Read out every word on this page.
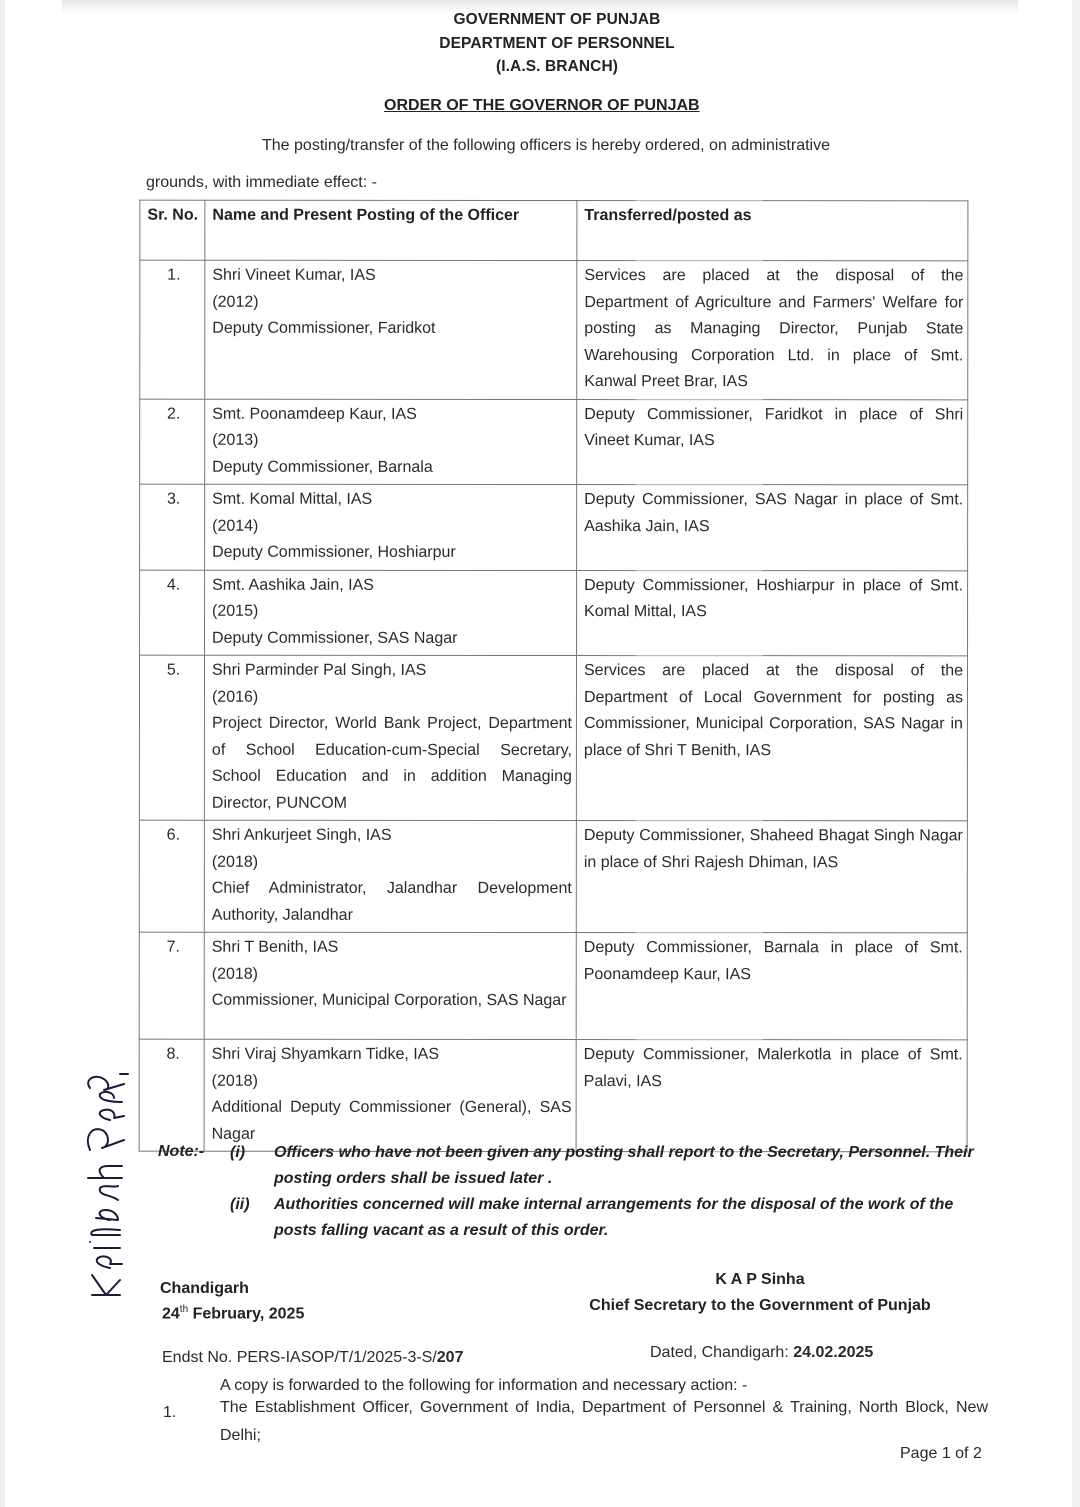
GOVERNMENT OF PUNJAB
DEPARTMENT OF PERSONNEL
(I.A.S. BRANCH)
ORDER OF THE GOVERNOR OF PUNJAB
The posting/transfer of the following officers is hereby ordered, on administrative
grounds, with immediate effect: -
Sr. No.	Name and Present Posting of the Officer	Transferred/posted as
1.	Shri Vineet Kumar, IAS
(2012)
Deputy Commissioner, Faridkot
	Services are placed at the disposal of the Department of Agriculture and Farmers' Welfare for posting as Managing Director, Punjab State Warehousing Corporation Ltd. in place of Smt. Kanwal Preet Brar, IAS
2.	Smt. Poonamdeep Kaur, IAS
(2013)
Deputy Commissioner, Barnala	Deputy Commissioner, Faridkot in place of Shri Vineet Kumar, IAS
3.	Smt. Komal Mittal, IAS
(2014)
Deputy Commissioner, Hoshiarpur	Deputy Commissioner, SAS Nagar in place of Smt. Aashika Jain, IAS
4.	Smt. Aashika Jain, IAS
(2015)
Deputy Commissioner, SAS Nagar	Deputy Commissioner, Hoshiarpur in place of Smt. Komal Mittal, IAS
5.	Shri Parminder Pal Singh, IAS
(2016)
Project Director, World Bank Project, Department of School Education-cum-Special Secretary, School Education and in addition Managing Director, PUNCOM	Services are placed at the disposal of the Department of Local Government for posting as Commissioner, Municipal Corporation, SAS Nagar in place of Shri T Benith, IAS
6.	Shri Ankurjeet Singh, IAS
(2018)
Chief Administrator, Jalandhar Development Authority, Jalandhar	Deputy Commissioner, Shaheed Bhagat Singh Nagar in place of Shri Rajesh Dhiman, IAS
7.	Shri T Benith, IAS
(2018)
Commissioner, Municipal Corporation, SAS Nagar	Deputy Commissioner, Barnala in place of Smt. Poonamdeep Kaur, IAS
8.	Shri Viraj Shyamkarn Tidke, IAS
(2018)
Additional Deputy Commissioner (General), SAS Nagar	Deputy Commissioner, Malerkotla in place of Smt. Palavi, IAS
Note:- (i) Officers who have not been given any posting shall report to the Secretary, Personnel. Their posting orders shall be issued later .
(ii) Authorities concerned will make internal arrangements for the disposal of the work of the posts falling vacant as a result of this order.
Chandigarh
24th February, 2025
K A P Sinha
Chief Secretary to the Government of Punjab
Endst No. PERS-IASOP/T/1/2025-3-S/207	Dated, Chandigarh: 24.02.2025
A copy is forwarded to the following for information and necessary action: -
1.	The Establishment Officer, Government of India, Department of Personnel & Training, North Block, New Delhi;
Page 1 of 2
